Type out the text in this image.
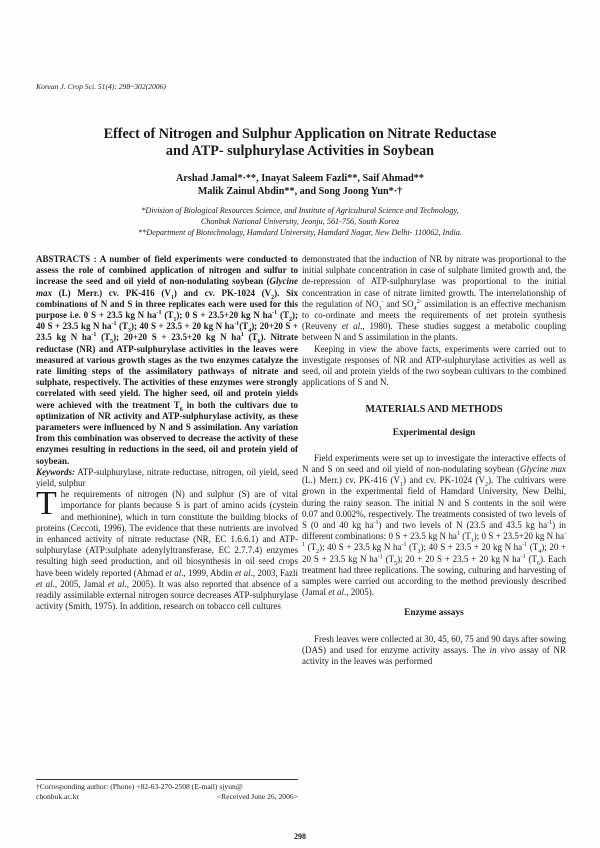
Korean J. Crop Sci. 51(4): 298~302(2006)
Effect of Nitrogen and Sulphur Application on Nitrate Reductase
and ATP- sulphurylase Activities in Soybean
Arshad Jamal*·**, Inayat Saleem Fazli**, Saif Ahmad**
Malik Zainul Abdin**, and Song Joong Yun*·†
*Division of Biological Resources Science, and Institute of Agricultural Science and Technology,
Chonbuk National University, Jeonju, 561-756, South Korea
**Department of Biotechnology, Hamdard University, Hamdard Nagar, New Delhi- 110062, India.

ABSTRACTS : A number of field experiments were conducted to assess the role of combined application of nitrogen and sulfur to increase the seed and oil yield of non-nodulating soybean (Glycine max (L) Merr.) cv. PK-416 $(V_1)$ and cv. PK-1024 $(V_2)$. Six combinations of N and S in three replicates each were used for this purpose i.e. 0 S + 23.5 kg N $ha^{-1}$ $(T_1)$; 0 S + 23.5+20 kg N $ha^{-1}$ $(T_2)$; 40 S + 23.5 kg N $ha^{-1}$ $(T_3)$; 40 S + 23.5 + 20 kg N $ha^{-1}(T_4)$; 20+20 S + 23.5 kg N $ha^{-1}$ $(T_5)$; 20+20 S + 23.5+20 kg N $ha^1$ $(T_6)$. Nitrate reductase (NR) and ATP-sulphurylase activities in the leaves were measured at various growth stages as the two enzymes catalyze the rate limiting steps of the assimilatory pathways of nitrate and sulphate, respectively. The activities of these enzymes were strongly correlated with seed yield. The higher seed, oil and protein yields were achieved with the treatment $T_6$ in both the cultivars due to optimization of NR activity and ATP-sulphurylase activity, as these parameters were influenced by N and S assimilation. Any variation from this combination was observed to decrease the activity of these enzymes resulting in reductions in the seed, oil and protein yield of soybean.

Keywords: ATP-sulphurylase, nitrate reductase, nitrogen, oil yield, seed yield, sulphur

The requirements of nitrogen (N) and sulphur (S) are of vital importance for plants because S is part of amino acids (cystein and methionine), which in turn constitute the building blocks of proteins (Ceccoti, 1996). The evidence that these nutrients are involved in enhanced activity of nitrate reductase (NR, EC 1.6.6.1) and ATP-sulphurylase (ATP:sulphate adenylyltransferase, EC 2.7.7.4) enzymes resulting high seed production, and oil biosynthesis in oil seed crops have been widely reported (Ahmad et al., 1999, Abdin et al., 2003, Fazli et al., 2005, Jamal et al., 2005). It was also reported that absence of a readily assimilable external nitrogen source decreases ATP-sulphurylase activity (Smith, 1975). In addition, research on tobacco cell cultures

demonstrated that the induction of NR by nitrate was proportional to the initial sulphate concentration in case of sulphate limited growth and, the de-repression of ATP-sulphurylase was proportional to the initial concentration in case of nitrate limited growth. The interrelationship of the regulation of $NO_3^-$ and $SO_4^{2-}$ assimilation is an effective mechanism to co-ordinate and meets the requirements of net protein synthesis (Reuveny et al., 1980). These studies suggest a metabolic coupling between N and S assimilation in the plants.

Keeping in view the above facts, experiments were carried out to investigate responses of NR and ATP-sulphurylase activities as well as seed, oil and protein yields of the two soybean cultivars to the combined applications of S and N.

MATERIALS AND METHODS
Experimental design

Field experiments were set up to investigate the interactive effects of N and S on seed and oil yield of non-nodulating soybean (Glycine max (L.) Merr.) cv. PK-416 $(V_1)$ and cv. PK-1024 $(V_2)$. The cultivars were grown in the experimental field of Hamdard University, New Delhi, during the rainy season. The initial N and S contents in the soil were 0.07 and 0.002%, respectively. The treatments consisted of two levels of S (0 and 40 kg $ha^{-1}$) and two levels of N (23.5 and 43.5 kg $ha^{-1}$) in different combinations: 0 S + 23.5 kg N $ha^1$ $(T_1)$; 0 S + 23.5+20 kg N $ha^{-1}$ $(T_2)$; 40 S + 23.5 kg N $ha^{-1}$ $(T_3)$; 40 S + 23.5 + 20 kg N $ha^{-1}$ $(T_4)$; 20 + 20 S + 23.5 kg N $ha^{-1}$ $(T_5)$; 20 + 20 S + 23.5 + 20 kg N $ha^{-1}$ $(T_6)$. Each treatment had three replications. The sowing, culturing and harvesting of samples were carried out according to the method previously described (Jamal et al., 2005).

Enzyme assays

Fresh leaves were collected at 30, 45, 60, 75 and 90 days after sowing (DAS) and used for enzyme activity assays. The in vivo assay of NR activity in the leaves was performed

†Corresponding author: (Phone) +82-63-270-2508 (E-mail) sjyun@
chonbuk.ac.kr	<Received June 26, 2006>
298
